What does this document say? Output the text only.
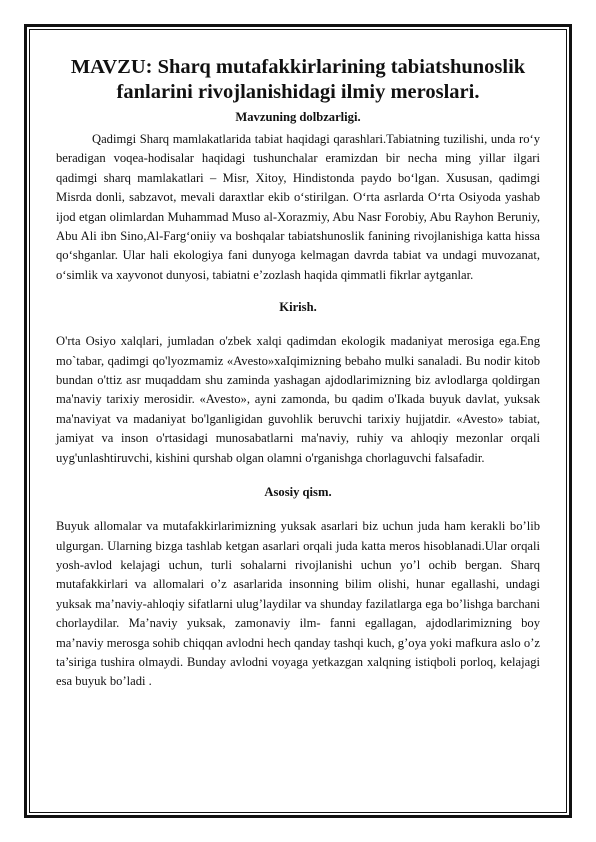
MAVZU: Sharq mutafakkirlarining tabiatshunoslik fanlarini rivojlanishidagi ilmiy meroslari.
Mavzuning dolbzarligi.

Qadimgi Sharq mamlakatlarida tabiat haqidagi qarashlari.Tabiatning tuzilishi, unda ro‘y beradigan voqea-hodisalar haqidagi tushunchalar eramizdan bir necha ming yillar ilgari qadimgi sharq mamlakatlari – Misr, Xitoy, Hindistonda paydo bo‘lgan. Xususan, qadimgi Misrda donli, sabzavot, mevali daraxtlar ekib o‘stirilgan. O‘rta asrlarda O‘rta Osiyoda yashab ijod etgan olimlardan Muhammad Muso al-Xorazmiy, Abu Nasr Forobiy, Abu Rayhon Beruniy, Abu Ali ibn Sino,Al-Farg‘oniiy va boshqalar tabiatshunoslik fanining rivojlanishiga katta hissa qo‘shganlar. Ular hali ekologiya fani dunyoga kelmagan davrda tabiat va undagi muvozanat, o‘simlik va xayvonot dunyosi, tabiatni e’zozlash haqida qimmatli fikrlar aytganlar.

Kirish.

O'rta Osiyo xalqlari, jumladan o'zbek xalqi qadimdan ekologik madaniyat merosiga ega.Eng mo`tabar, qadimgi qo'lyozmamiz «Avesto»xaIqimizning bebaho mulki sanaladi. Bu nodir kitob bundan o'ttiz asr muqaddam shu zaminda yashagan ajdodlarimizning biz avlodlarga qoldirgan ma'naviy tarixiy merosidir. «Avesto», ayni zamonda, bu qadim o'Ikada buyuk davlat, yuksak ma'naviyat va madaniyat bo'lganligidan guvohlik beruvchi tarixiy hujjatdir. «Avesto» tabiat, jamiyat va inson o'rtasidagi munosabatlarni ma'naviy, ruhiy va ahloqiy mezonlar orqali uyg'unlashtiruvchi, kishini qurshab olgan olamni o'rganishga chorlaguvchi falsafadir.

Asosiy qism.

Buyuk allomalar va mutafakkirlarimizning yuksak asarlari biz uchun juda ham kerakli bo’lib ulgurgan. Ularning bizga tashlab ketgan asarlari orqali juda katta meros hisoblanadi.Ular orqali yosh-avlod kelajagi uchun, turli sohalarni rivojlanishi uchun yo’l ochib bergan. Sharq mutafakkirlari va allomalari o’z asarlarida insonning bilim olishi, hunar egallashi, undagi yuksak ma’naviy-ahloqiy sifatlarni ulug’laydilar va shunday fazilatlarga ega bo’lishga barchani chorlaydilar. Ma’naviy yuksak, zamonaviy ilm- fanni egallagan, ajdodlarimizning boy ma’naviy merosga sohib chiqqan avlodni hech qanday tashqi kuch, g’oya yoki mafkura aslo o’z ta’siriga tushira olmaydi. Bunday avlodni voyaga yetkazgan xalqning istiqboli porloq, kelajagi esa buyuk bo’ladi .
